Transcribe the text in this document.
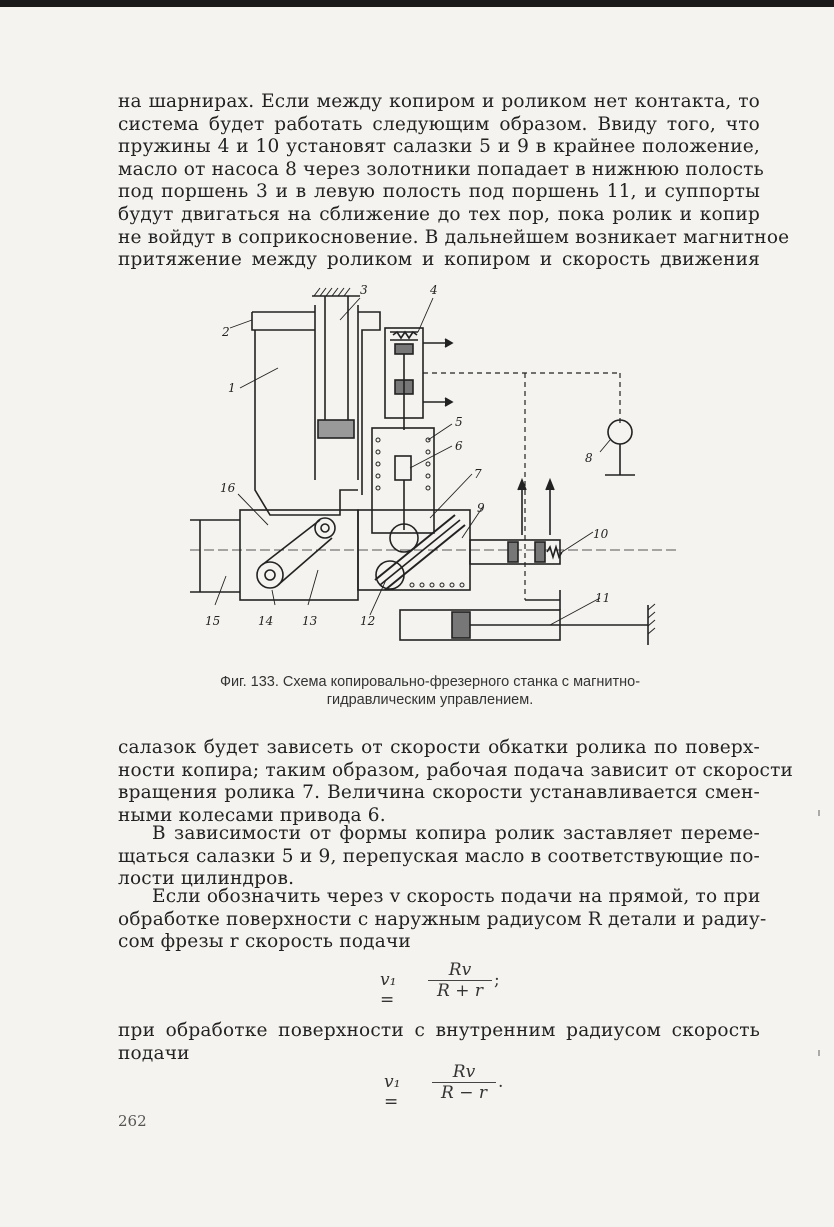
на шарнирах. Если между копиром и роликом нет контакта, то
система будет работать следующим образом. Ввиду того, что
пружины 4 и 10 установят салазки 5 и 9 в крайнее положение,
масло от насоса 8 через золотники попадает в нижнюю полость
под поршень 3 и в левую полость под поршень 11, и суппорты
будут двигаться на сближение до тех пор, пока ролик и копир
не войдут в соприкосновение. В дальнейшем возникает магнитное
притяжение между роликом и копиром и скорость движения
1
2
3	4
5
6
7
8
9
10
11
12
13
14
15
16
Фиг. 133. Схема копировально-фрезерного станка с магнитно-
гидравлическим управлением.
салазок будет зависеть от скорости обкатки ролика по поверх-
ности копира; таким образом, рабочая подача зависит от скорости
вращения ролика 7. Величина скорости устанавливается смен-
ными колесами привода 6.
В зависимости от формы копира ролик заставляет переме-
щаться салазки 5 и 9, перепуская масло в соответствующие по-
лости цилиндров.
Если обозначить через v скорость подачи на прямой, то при
обработке поверхности с наружным радиусом R детали и радиу-
сом фрезы r скорость подачи
$v_1 = \frac{Rv}{R + r}$ ;
при обработке поверхности с внутренним радиусом скорость
подачи
$v_1 = \frac{Rv}{R - r}$ .
262
